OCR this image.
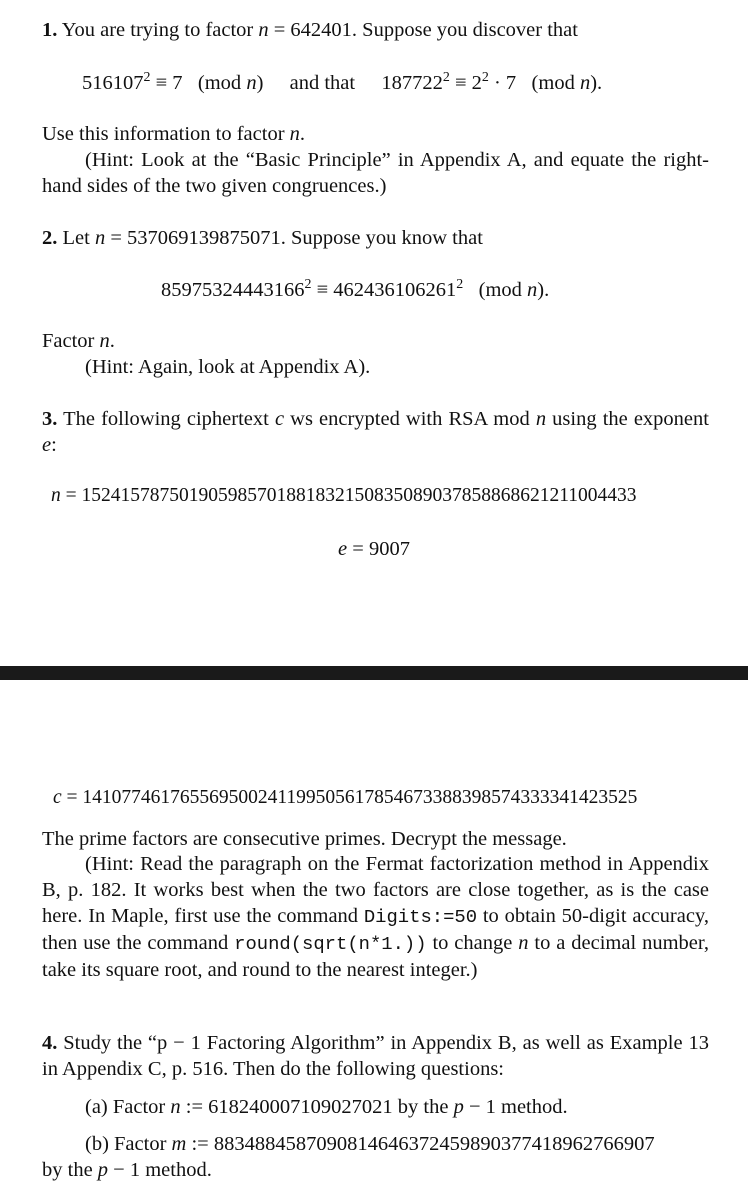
1. You are trying to factor n = 642401. Suppose you discover that
$516107^2 \equiv 7$   (mod n) and that $187722^2 \equiv 2^2 \cdot 7$   (mod n).
Use this information to factor n.
(Hint: Look at the “Basic Principle” in Appendix A, and equate the right-hand sides of the two given congruences.)
2. Let n = 537069139875071. Suppose you know that
$85975324443166^2 \equiv 462436106261^2$   (mod n).
Factor n.
(Hint: Again, look at Appendix A).
3. The following ciphertext c ws encrypted with RSA mod n using the exponent e:
n = 152415787501905985701881832150835089037858868621211004433
e = 9007
c = 141077461765569500241199505617854673388398574333341423525
The prime factors are consecutive primes. Decrypt the message.
(Hint: Read the paragraph on the Fermat factorization method in Appendix B, p. 182. It works best when the two factors are close together, as is the case here. In Maple, first use the command Digits:=50 to obtain 50-digit accuracy, then use the command round(sqrt(n*1.)) to change n to a decimal number, take its square root, and round to the nearest integer.)
4. Study the “p − 1 Factoring Algorithm” in Appendix B, as well as Example 13 in Appendix C, p. 516. Then do the following questions:
(a) Factor n := 618240007109027021 by the p − 1 method.
(b) Factor m := 883488458709081464637245989037741896276690​7
by the p − 1 method.
